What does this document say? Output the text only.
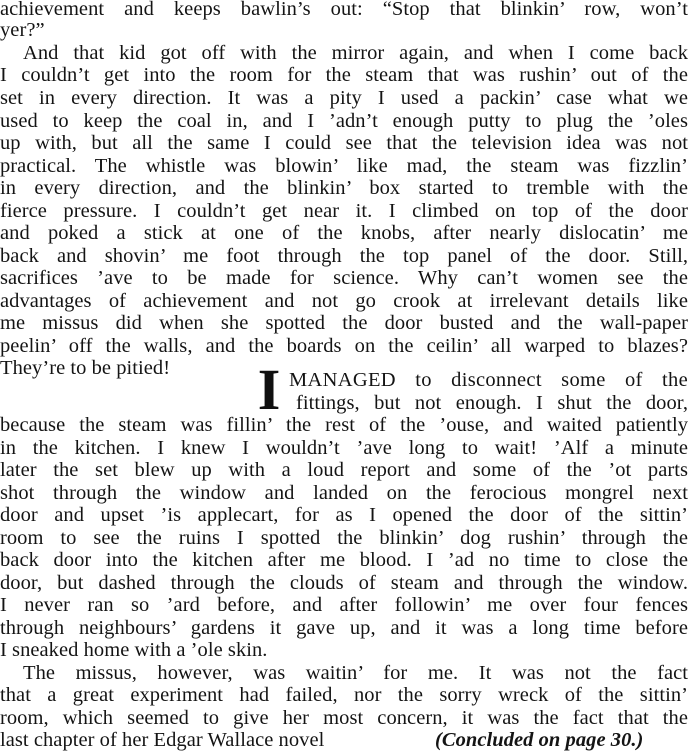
achievement and keeps bawlin’s out: “Stop that blinkin’ row, won’t
yer?”
And that kid got off with the mirror again, and when I come back
I couldn’t get into the room for the steam that was rushin’ out of the
set in every direction. It was a pity I used a packin’ case what we
used to keep the coal in, and I ’adn’t enough putty to plug the ’oles
up with, but all the same I could see that the television idea was not
practical. The whistle was blowin’ like mad, the steam was fizzlin’
in every direction, and the blinkin’ box started to tremble with the
fierce pressure. I couldn’t get near it. I climbed on top of the door
and poked a stick at one of the knobs, after nearly dislocatin’ me
back and shovin’ me foot through the top panel of the door. Still,
sacrifices ’ave to be made for science. Why can’t women see the
advantages of achievement and not go crook at irrelevant details like
me missus did when she spotted the door busted and the wall-paper
peelin’ off the walls, and the boards on the ceilin’ all warped to blazes?
They’re to be pitied!	I MANAGED to disconnect some of the
fittings, but not enough. I shut the door,
because the steam was fillin’ the rest of the ’ouse, and waited patiently
in the kitchen. I knew I wouldn’t ’ave long to wait! ’Alf a minute
later the set blew up with a loud report and some of the ’ot parts
shot through the window and landed on the ferocious mongrel next
door and upset ’is applecart, for as I opened the door of the sittin’
room to see the ruins I spotted the blinkin’ dog rushin’ through the
back door into the kitchen after me blood. I ’ad no time to close the
door, but dashed through the clouds of steam and through the window.
I never ran so ’ard before, and after followin’ me over four fences
through neighbours’ gardens it gave up, and it was a long time before
I sneaked home with a ’ole skin.
The missus, however, was waitin’ for me. It was not the fact
that a great experiment had failed, nor the sorry wreck of the sittin’
room, which seemed to give her most concern, it was the fact that the
last chapter of her Edgar Wallace novel	(Concluded on page 30.)
